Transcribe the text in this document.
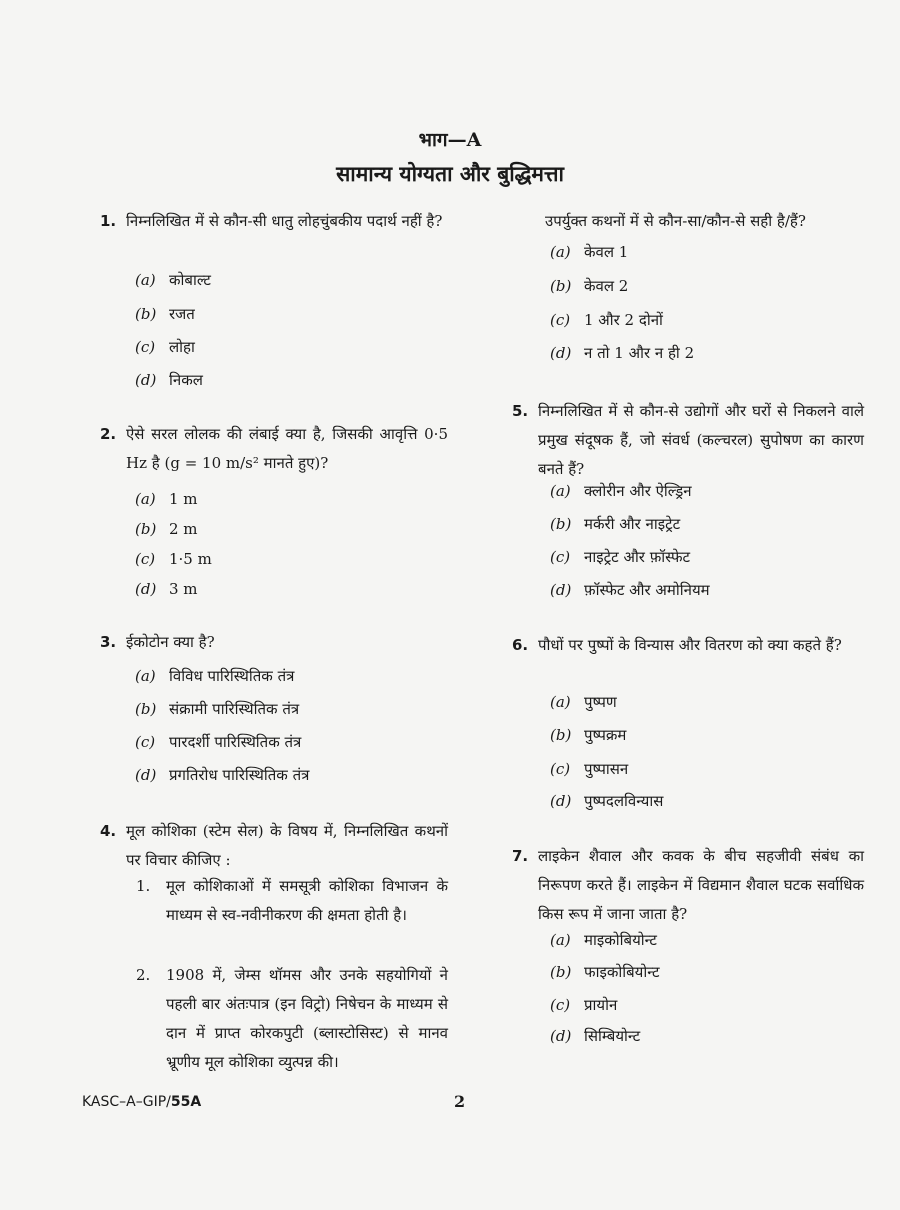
भाग—A
सामान्य योग्यता और बुद्धिमत्ता
1. निम्नलिखित में से कौन-सी धातु लोहचुंबकीय पदार्थ नहीं है?
(a) कोबाल्ट
(b) रजत
(c) लोहा
(d) निकल
2. ऐसे सरल लोलक की लंबाई क्या है, जिसकी आवृत्ति 0·5 Hz है (g = 10 m/s² मानते हुए)?
(a) 1 m
(b) 2 m
(c) 1·5 m
(d) 3 m
3. ईकोटोन क्या है?
(a) विविध पारिस्थितिक तंत्र
(b) संक्रामी पारिस्थितिक तंत्र
(c) पारदर्शी पारिस्थितिक तंत्र
(d) प्रगतिरोध पारिस्थितिक तंत्र
4. मूल कोशिका (स्टेम सेल) के विषय में, निम्नलिखित कथनों पर विचार कीजिए :
1. मूल कोशिकाओं में समसूत्री कोशिका विभाजन के माध्यम से स्व-नवीनीकरण की क्षमता होती है।
2. 1908 में, जेम्स थॉमस और उनके सहयोगियों ने पहली बार अंतःपात्र (इन विट्रो) निषेचन के माध्यम से दान में प्राप्त कोरकपुटी (ब्लास्टोसिस्ट) से मानव भ्रूणीय मूल कोशिका व्युत्पन्न की।
उपर्युक्त कथनों में से कौन-सा/कौन-से सही है/हैं?
(a) केवल 1
(b) केवल 2
(c) 1 और 2 दोनों
(d) न तो 1 और न ही 2
5. निम्नलिखित में से कौन-से उद्योगों और घरों से निकलने वाले प्रमुख संदूषक हैं, जो संवर्ध (कल्चरल) सुपोषण का कारण बनते हैं?
(a) क्लोरीन और ऐल्ड्रिन
(b) मर्करी और नाइट्रेट
(c) नाइट्रेट और फ़ॉस्फेट
(d) फ़ॉस्फेट और अमोनियम
6. पौधों पर पुष्पों के विन्यास और वितरण को क्या कहते हैं?
(a) पुष्पण
(b) पुष्पक्रम
(c) पुष्पासन
(d) पुष्पदलविन्यास
7. लाइकेन शैवाल और कवक के बीच सहजीवी संबंध का निरूपण करते हैं। लाइकेन में विद्यमान शैवाल घटक सर्वाधिक किस रूप में जाना जाता है?
(a) माइकोबियोन्ट
(b) फाइकोबियोन्ट
(c) प्रायोन
(d) सिम्बियोन्ट
KASC–A–GIP/55A	2
